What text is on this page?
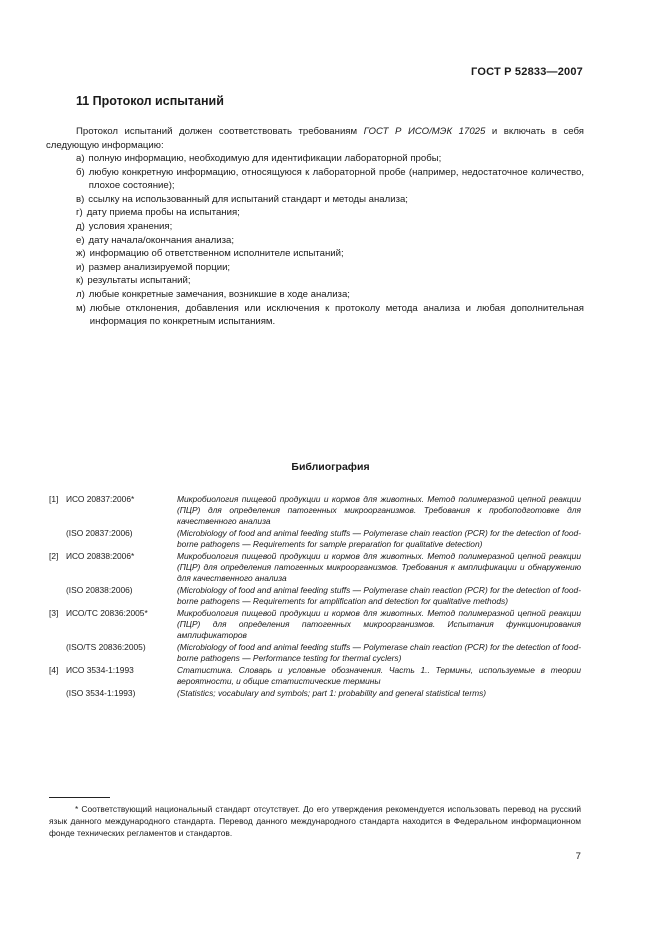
ГОСТ Р 52833—2007
11 Протокол испытаний
Протокол испытаний должен соответствовать требованиям ГОСТ Р ИСО/МЭК 17025 и включать в себя следующую информацию:
а) полную информацию, необходимую для идентификации лабораторной пробы;
б) любую конкретную информацию, относящуюся к лабораторной пробе (например, недостаточное количество, плохое состояние);
в) ссылку на использованный для испытаний стандарт и методы анализа;
г) дату приема пробы на испытания;
д) условия хранения;
е) дату начала/окончания анализа;
ж) информацию об ответственном исполнителе испытаний;
и) размер анализируемой порции;
к) результаты испытаний;
л) любые конкретные замечания, возникшие в ходе анализа;
м) любые отклонения, добавления или исключения к протоколу метода анализа и любая дополнительная информация по конкретным испытаниям.
Библиография
[1] ИСО 20837:2006*	Микробиология пищевой продукции и кормов для животных. Метод полимеразной цепной реакции (ПЦР) для определения патогенных микроорганизмов. Требования к пробоподготовке для качественного анализа
(ISO 20837:2006)	(Microbiology of food and animal feeding stuffs — Polymerase chain reaction (PCR) for the detection of food-borne pathogens — Requirements for sample preparation for qualitative detection)
[2] ИСО 20838:2006*	Микробиология пищевой продукции и кормов для животных. Метод полимеразной цепной реакции (ПЦР) для определения патогенных микроорганизмов. Требования к амплификации и обнаружению для качественного анализа
(ISO 20838:2006)	(Microbiology of food and animal feeding stuffs — Polymerase chain reaction (PCR) for the detection of food-borne pathogens — Requirements for amplification and detection for qualitative methods)
[3] ИСО/ТС 20836:2005*	Микробиология пищевой продукции и кормов для животных. Метод полимеразной цепной реакции (ПЦР) для определения патогенных микроорганизмов. Испытания функционирования амплификаторов
(ISO/TS 20836:2005)	(Microbiology of food and animal feeding stuffs — Polymerase chain reaction (PCR) for the detection of food-borne pathogens — Performance testing for thermal cyclers)
[4] ИСО 3534-1:1993	Статистика. Словарь и условные обозначения. Часть 1.. Термины, используемые в теории вероятности, и общие статистические термины
(ISO 3534-1:1993)	(Statistics; vocabulary and symbols; part 1: probability and general statistical terms)
* Соответствующий национальный стандарт отсутствует. До его утверждения рекомендуется использовать перевод на русский язык данного международного стандарта. Перевод данного международного стандарта находится в Федеральном информационном фонде технических регламентов и стандартов.
7
